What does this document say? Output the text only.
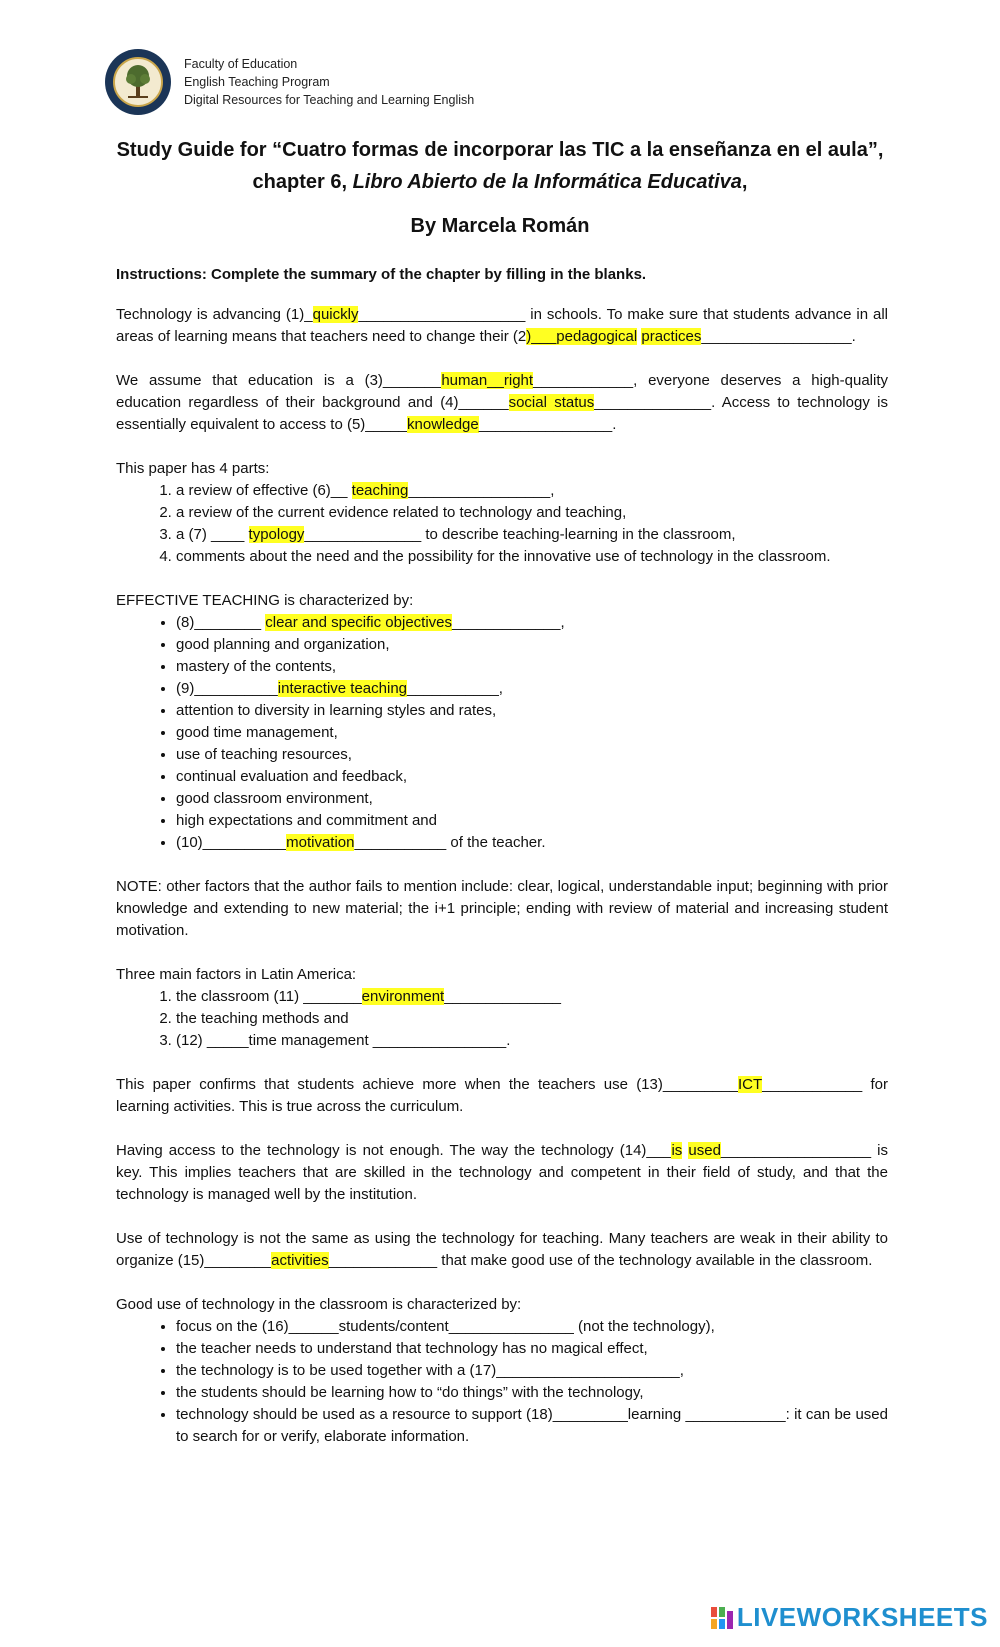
Faculty of Education
English Teaching Program
Digital Resources for Teaching and Learning English
Study Guide for “Cuatro formas de incorporar las TIC a la enseñanza en el aula”,
chapter 6, Libro Abierto de la Informática Educativa,
By Marcela Román

Instructions: Complete the summary of the chapter by filling in the blanks.

Technology is advancing (1)_quickly____________________ in schools. To make sure that students advance in all areas of learning means that teachers need to change their (2)___pedagogical practices__________________.

We assume that education is a (3)_______human__right____________, everyone deserves a high-quality education regardless of their background and (4)______social status______________. Access to technology is essentially equivalent to access to (5)_____knowledge________________.

This paper has 4 parts:

1. a review of effective (6)__ teaching_________________,
2. a review of the current evidence related to technology and teaching,
3. a (7) ____ typology______________ to describe teaching-learning in the classroom,
4. comments about the need and the possibility for the innovative use of technology in the classroom.

EFFECTIVE TEACHING is characterized by:

• (8)________ clear and specific objectives_____________,
• good planning and organization,
• mastery of the contents,
• (9)__________interactive teaching___________,
• attention to diversity in learning styles and rates,
• good time management,
• use of teaching resources,
• continual evaluation and feedback,
• good classroom environment,
• high expectations and commitment and
• (10)__________motivation___________ of the teacher.

NOTE: other factors that the author fails to mention include: clear, logical, understandable input; beginning with prior knowledge and extending to new material; the i+1 principle; ending with review of material and increasing student motivation.

Three main factors in Latin America:

1. the classroom (11) _______environment______________
2. the teaching methods and
3. (12) _____time management ________________.

This paper confirms that students achieve more when the teachers use (13)_________ICT____________ for learning activities. This is true across the curriculum.

Having access to the technology is not enough. The way the technology (14)___is used__________________ is key. This implies teachers that are skilled in the technology and competent in their field of study, and that the technology is managed well by the institution.

Use of technology is not the same as using the technology for teaching. Many teachers are weak in their ability to organize (15)________activities_____________ that make good use of the technology available in the classroom.

Good use of technology in the classroom is characterized by:

• focus on the (16)______students/content_______________ (not the technology),
• the teacher needs to understand that technology has no magical effect,
• the technology is to be used together with a (17)______________________,
• the students should be learning how to “do things” with the technology,
• technology should be used as a resource to support (18)_________learning ____________: it can be used to search for or verify, elaborate information.
LIVEWORKSHEETS
